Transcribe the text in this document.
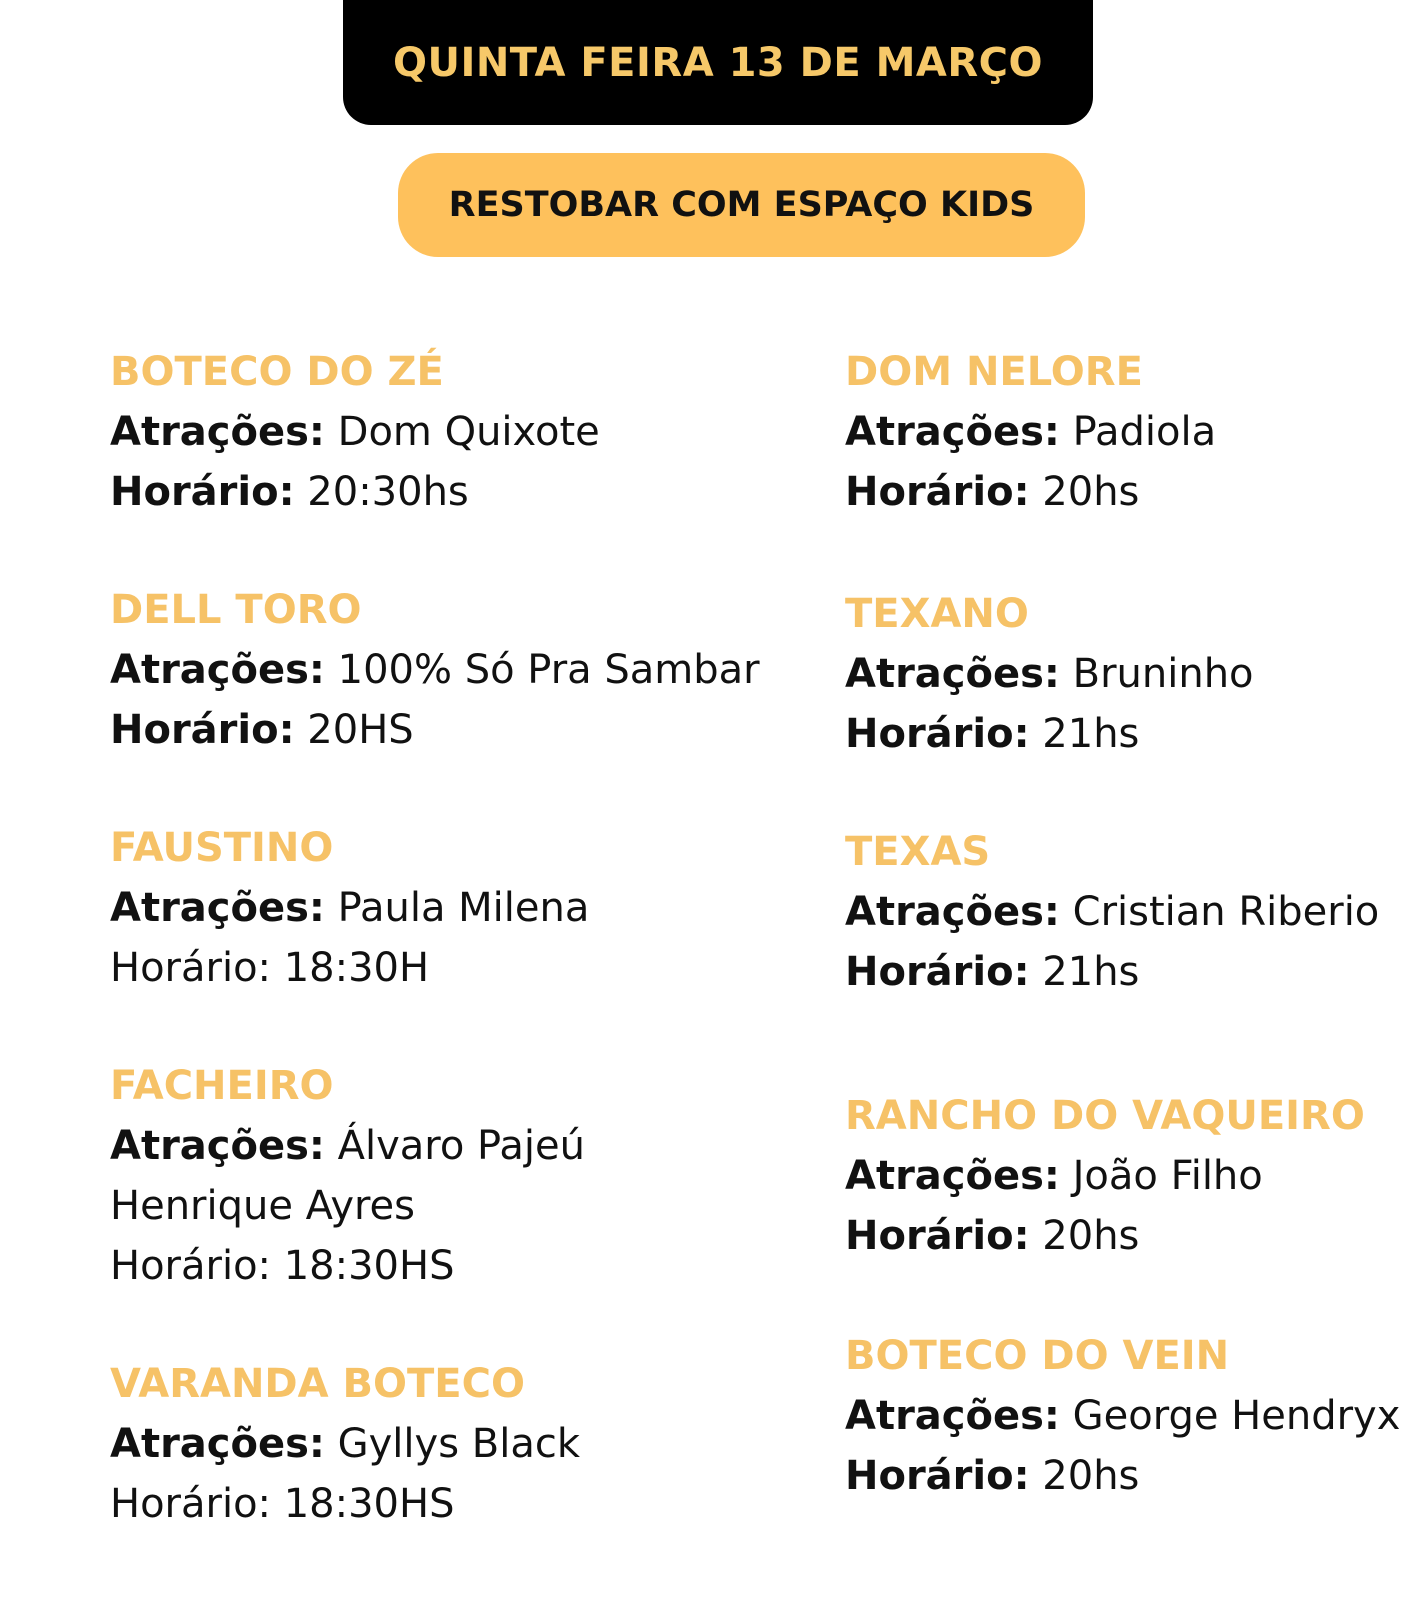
QUINTA FEIRA 13 DE MARÇO
RESTOBAR COM ESPAÇO KIDS
BOTECO DO ZÉ
Atrações: Dom Quixote
Horário: 20:30hs
DELL TORO
Atrações: 100% Só Pra Sambar
Horário: 20HS
FAUSTINO
Atrações: Paula Milena
Horário: 18:30H
FACHEIRO
Atrações: Álvaro Pajeú
Henrique Ayres
Horário: 18:30HS
VARANDA BOTECO
Atrações: Gyllys Black
Horário: 18:30HS
DOM NELORE
Atrações: Padiola
Horário: 20hs
TEXANO
Atrações: Bruninho
Horário: 21hs
TEXAS
Atrações: Cristian Riberio
Horário: 21hs
RANCHO DO VAQUEIRO
Atrações: João Filho
Horário: 20hs
BOTECO DO VEIN
Atrações: George Hendryx
Horário: 20hs
